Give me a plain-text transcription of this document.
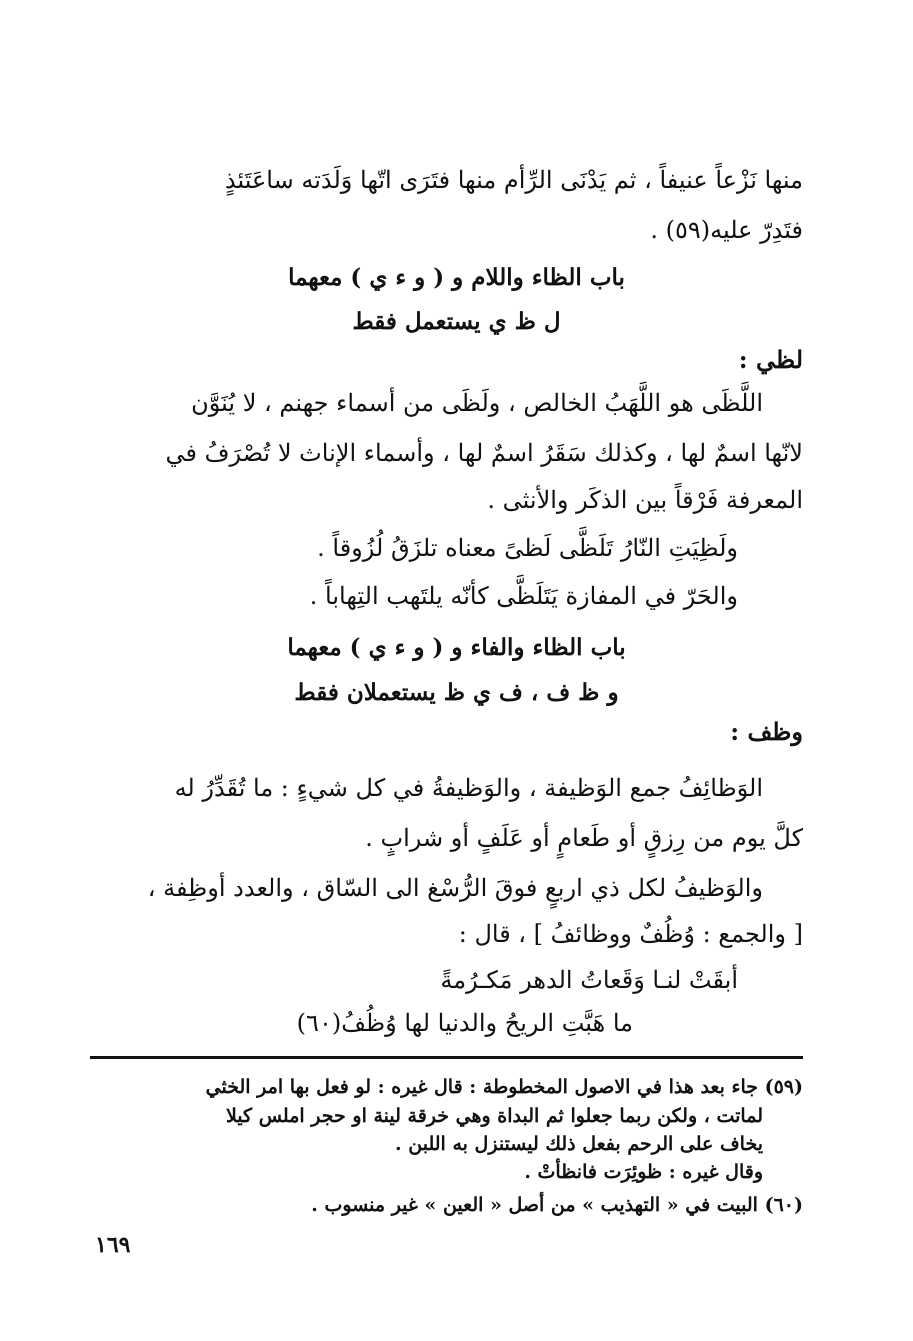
منها نَزْعاً عنيفاً ، ثم يَدْنَى الرِّأم منها فتَرَى اتّها وَلَدَته ساعَتَئذٍ
فتَدِرّ عليه(٥٩) .
باب الظاء واللام و ( و ء ي ) معهما
ل ظ ي يستعمل فقط
لظي :
اللَّظَى هو اللَّهَبُ الخالص ، ولَظَى من أسماء جهنم ، لا يُنَوَّن
لانّها اسمٌ لها ، وكذلك سَقَرُ اسمٌ لها ، وأسماء الإناث لا تُصْرَفُ في
المعرفة فَرْقاً بين الذكَر والأنثى .
ولَظِيَتِ النّارُ تَلَظَّى لَظىً معناه تلزَقُ لُزُوقاً .
والحَرّ في المفازة يَتَلَظَّى كأنّه يلتَهب التِهاباً .
باب الظاء والفاء و ( و ء ي ) معهما
و ظ ف ، ف ي ظ يستعملان فقط
وظف :
الوَظائِفُ جمع الوَظيفة ، والوَظيفةُ في كل شيءٍ : ما تُقَدِّرُ له
كلَّ يوم من رِزقٍ أو طَعامٍ أو عَلَفٍ أو شرابٍ .
والوَظيفُ لكل ذي اربعٍ فوقَ الرُّسْغ الى السّاق ، والعدد أوظِفة ،
[ والجمع : وُظُفٌ ووظائفُ ] ، قال :
أبقَتْ لنـا وَقَعاتُ الدهر مَكـرُمةً
ما هَبَّتِ الريحُ والدنيا لها وُظُفُ(٦٠)
(٥٩) جاء بعد هذا في الاصول المخطوطة : قال غيره : لو فعل بها امر الخثي
لماتت ، ولكن ربما جعلوا ثم البداة وهي خرقة لينة او حجر املس كيلا
يخاف على الرحم بفعل ذلك ليستنزل به اللبن .
وقال غيره : ظوئِرَت فانظأتْ .
(٦٠) البيت في « التهذيب » من أصل « العين » غير منسوب .
١٦٩
